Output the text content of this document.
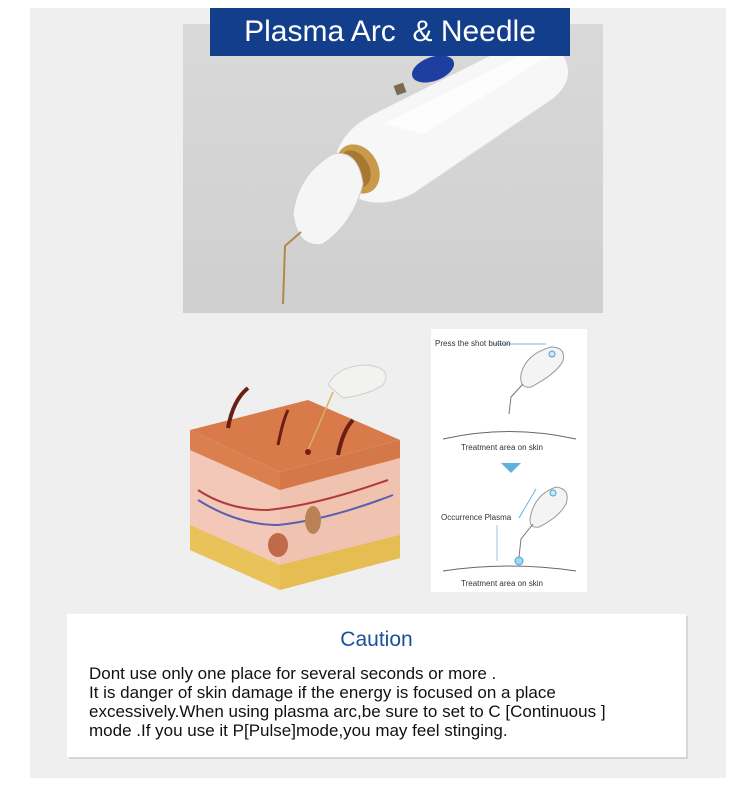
Plasma Arc  & Needle
Press the shot button
Treatment area on skin
Occurrence Plasma
Treatment area on skin
Caution
Dont use only one place for several seconds or more .
It is danger of skin damage if the energy is focused on a place
excessively.When using plasma arc,be sure to set to C [Continuous ]
mode .If you use it P[Pulse]mode,you may feel stinging.
